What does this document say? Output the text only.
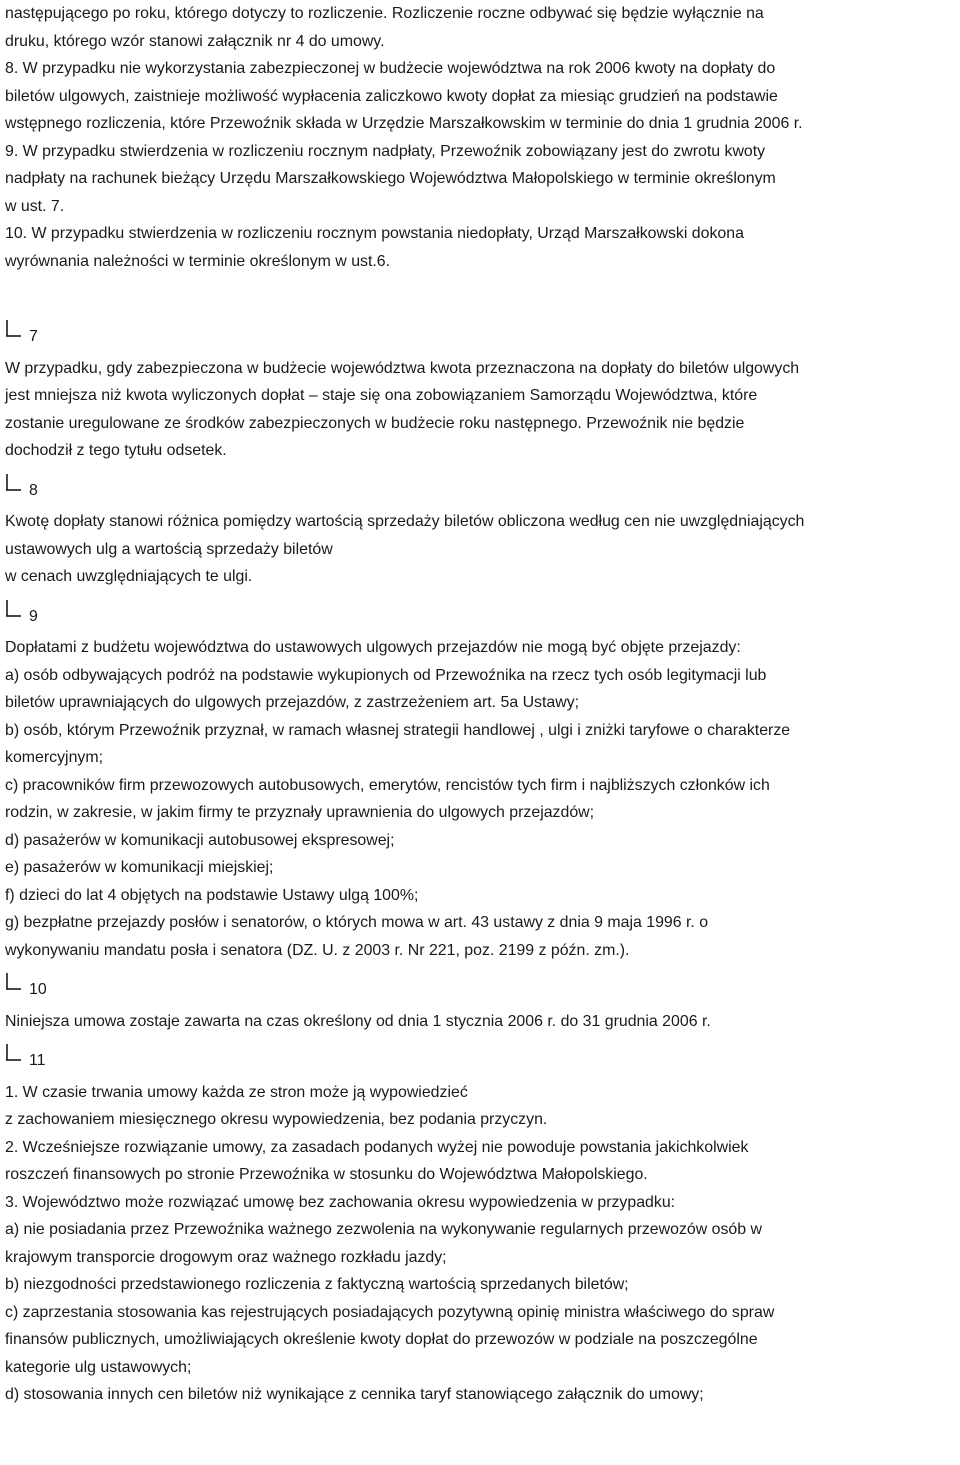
następującego po roku, którego dotyczy to rozliczenie. Rozliczenie roczne odbywać się będzie wyłącznie na
druku, którego wzór stanowi załącznik nr 4 do umowy.
8. W przypadku nie wykorzystania zabezpieczonej w budżecie województwa na rok 2006 kwoty na dopłaty do
biletów ulgowych, zaistnieje możliwość wypłacenia zaliczkowo kwoty dopłat za miesiąc grudzień na podstawie
wstępnego rozliczenia, które Przewoźnik składa w Urzędzie Marszałkowskim w terminie do dnia 1 grudnia 2006 r.
9. W przypadku stwierdzenia w rozliczeniu rocznym nadpłaty, Przewoźnik zobowiązany jest do zwrotu kwoty
nadpłaty na rachunek bieżący Urzędu Marszałkowskiego Województwa Małopolskiego w terminie określonym
w ust. 7.
10. W przypadku stwierdzenia w rozliczeniu rocznym powstania niedopłaty, Urząd Marszałkowski dokona
wyrównania należności w terminie określonym w ust.6.
7
W przypadku, gdy zabezpieczona w budżecie województwa kwota przeznaczona na dopłaty do biletów ulgowych
jest mniejsza niż kwota wyliczonych dopłat – staje się ona zobowiązaniem Samorządu Województwa, które
zostanie uregulowane ze środków zabezpieczonych w budżecie roku następnego. Przewoźnik nie będzie
dochodził z tego tytułu odsetek.
8
Kwotę dopłaty stanowi różnica pomiędzy wartością sprzedaży biletów obliczona według cen nie uwzględniających
ustawowych ulg a wartością sprzedaży biletów
w cenach uwzględniających te ulgi.
9
Dopłatami z budżetu województwa do ustawowych ulgowych przejazdów nie mogą być objęte przejazdy:
a) osób odbywających podróż na podstawie wykupionych od Przewoźnika na rzecz tych osób legitymacji lub
biletów uprawniających do ulgowych przejazdów, z zastrzeżeniem art. 5a Ustawy;
b) osób, którym Przewoźnik przyznał, w ramach własnej strategii handlowej , ulgi i zniżki taryfowe o charakterze
komercyjnym;
c) pracowników firm przewozowych autobusowych, emerytów, rencistów tych firm i najbliższych członków ich
rodzin, w zakresie, w jakim firmy te przyznały uprawnienia do ulgowych przejazdów;
d) pasażerów w komunikacji autobusowej ekspresowej;
e) pasażerów w komunikacji miejskiej;
f) dzieci do lat 4 objętych na podstawie Ustawy ulgą 100%;
g) bezpłatne przejazdy posłów i senatorów, o których mowa w art. 43 ustawy z dnia 9 maja 1996 r. o
wykonywaniu mandatu posła i senatora (DZ. U. z 2003 r. Nr 221, poz. 2199 z późn. zm.).
10
Niniejsza umowa zostaje zawarta na czas określony od dnia 1 stycznia 2006 r. do 31 grudnia 2006 r.
11
1. W czasie trwania umowy każda ze stron może ją wypowiedzieć
z zachowaniem miesięcznego okresu wypowiedzenia, bez podania przyczyn.
2. Wcześniejsze rozwiązanie umowy, za zasadach podanych wyżej nie powoduje powstania jakichkolwiek
roszczeń finansowych po stronie Przewoźnika w stosunku do Województwa Małopolskiego.
3. Województwo może rozwiązać umowę bez zachowania okresu wypowiedzenia w przypadku:
a) nie posiadania przez Przewoźnika ważnego zezwolenia na wykonywanie regularnych przewozów osób w
krajowym transporcie drogowym oraz ważnego rozkładu jazdy;
b) niezgodności przedstawionego rozliczenia z faktyczną wartością sprzedanych biletów;
c) zaprzestania stosowania kas rejestrujących posiadających pozytywną opinię ministra właściwego do spraw
finansów publicznych, umożliwiających określenie kwoty dopłat do przewozów w podziale na poszczególne
kategorie ulg ustawowych;
d) stosowania innych cen biletów niż wynikające z cennika taryf stanowiącego załącznik do umowy;
